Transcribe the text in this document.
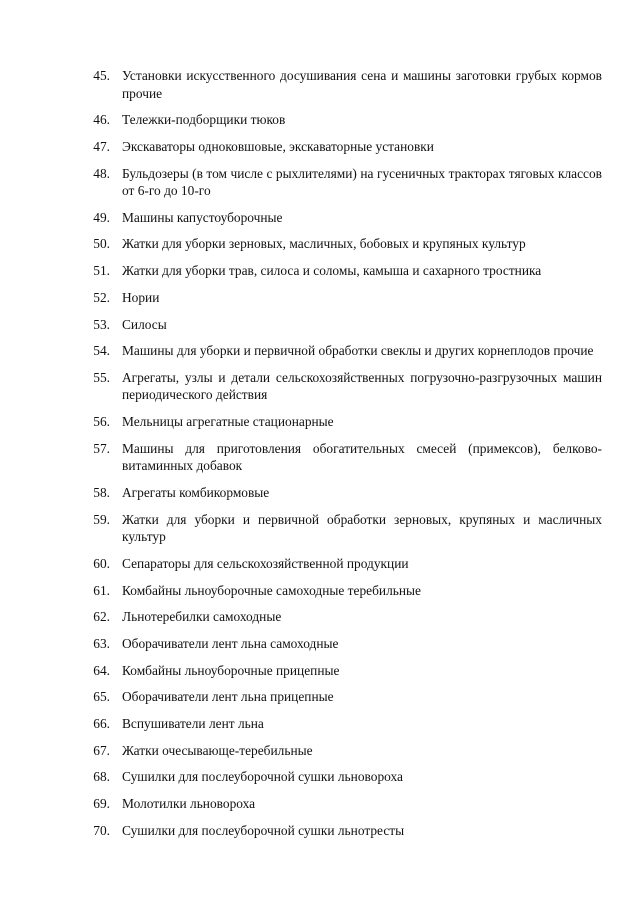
45. Установки искусственного досушивания сена и машины заготовки грубых кормов прочие
46. Тележки-подборщики тюков
47. Экскаваторы одноковшовые, экскаваторные установки
48. Бульдозеры (в том числе с рыхлителями) на гусеничных тракторах тяговых классов от 6-го до 10-го
49. Машины капустоуборочные
50. Жатки для уборки зерновых, масличных, бобовых и крупяных культур
51. Жатки для уборки трав, силоса и соломы, камыша и сахарного тростника
52. Нории
53. Силосы
54. Машины для уборки и первичной обработки свеклы и других корнеплодов прочие
55. Агрегаты, узлы и детали сельскохозяйственных погрузочно-разгрузочных машин периодического действия
56. Мельницы агрегатные стационарные
57. Машины для приготовления обогатительных смесей (примексов), белково-витаминных добавок
58. Агрегаты комбикормовые
59. Жатки для уборки и первичной обработки зерновых, крупяных и масличных культур
60. Сепараторы для сельскохозяйственной продукции
61. Комбайны льноуборочные самоходные теребильные
62. Льнотеребилки самоходные
63. Оборачиватели лент льна самоходные
64. Комбайны льноуборочные прицепные
65. Оборачиватели лент льна прицепные
66. Вспушиватели лент льна
67. Жатки очесывающе-теребильные
68. Сушилки для послеуборочной сушки льновороха
69. Молотилки льновороха
70. Сушилки для послеуборочной сушки льнотресты
